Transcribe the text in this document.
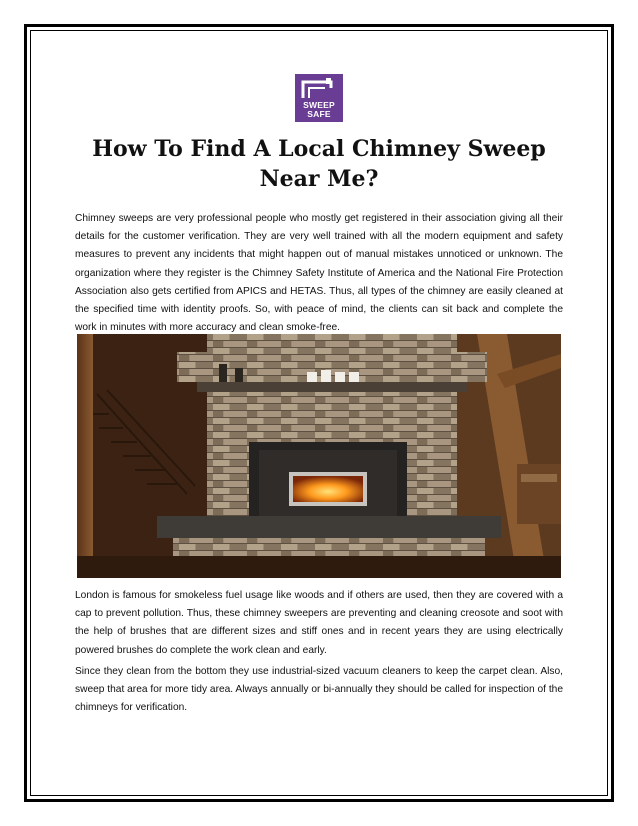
SWEEP
SAFE
How To Find A Local Chimney Sweep Near Me?

Chimney sweeps are very professional people who mostly get registered in their association giving all their details for the customer verification. They are very well trained with all the modern equipment and safety measures to prevent any incidents that might happen out of manual mistakes unnoticed or unknown. The organization where they register is the Chimney Safety Institute of America and the National Fire Protection Association also gets certified from APICS and HETAS. Thus, all types of the chimney are easily cleaned at the specified time with identity proofs. So, with peace of mind, the clients can sit back and complete the work in minutes with more accuracy and clean smoke-free.

London is famous for smokeless fuel usage like woods and if others are used, then they are covered with a cap to prevent pollution. Thus, these chimney sweepers are preventing and cleaning creosote and soot with the help of brushes that are different sizes and stiff ones and in recent years they are using electrically powered brushes do complete the work clean and early.

Since they clean from the bottom they use industrial-sized vacuum cleaners to keep the carpet clean. Also, sweep that area for more tidy area. Always annually or bi-annually they should be called for inspection of the chimneys for verification.
